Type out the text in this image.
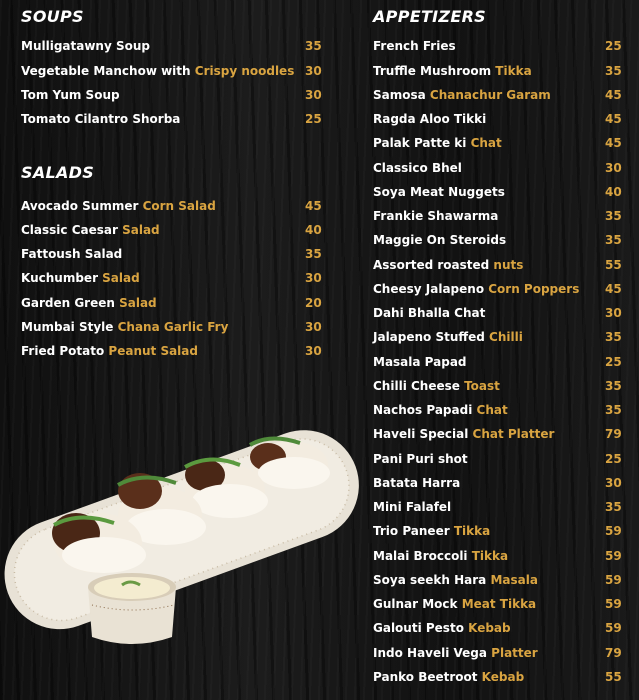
SOUPS
Mulligatawny Soup	35
Vegetable Manchow with Crispy noodles 30
Tom Yum Soup	30
Tomato Cilantro Shorba	25
SALADS
Avocado Summer Corn Salad	45
Classic Caesar Salad	40
Fattoush Salad	35
Kuchumber Salad	30
Garden Green Salad	20
Mumbai Style Chana Garlic Fry	30
Fried Potato Peanut Salad	30
APPETIZERS
French Fries	25
Truffle Mushroom Tikka	35
Samosa Chanachur Garam	45
Ragda Aloo Tikki	45
Palak Patte ki Chat	45
Classico Bhel	30
Soya Meat Nuggets	40
Frankie Shawarma	35
Maggie On Steroids	35
Assorted roasted nuts	55
Cheesy Jalapeno Corn Poppers 45
Dahi Bhalla Chat	30
Jalapeno Stuffed Chilli	35
Masala Papad	25
Chilli Cheese Toast	35
Nachos Papadi Chat	35
Haveli Special Chat Platter	79
Pani Puri shot	25
Batata Harra	30
Mini Falafel	35
Trio Paneer Tikka	59
Malai Broccoli Tikka	59
Soya seekh Hara Masala	59
Gulnar Mock Meat Tikka	59
Galouti Pesto Kebab	59
Indo Haveli Vega Platter	79
Panko Beetroot Kebab	55
